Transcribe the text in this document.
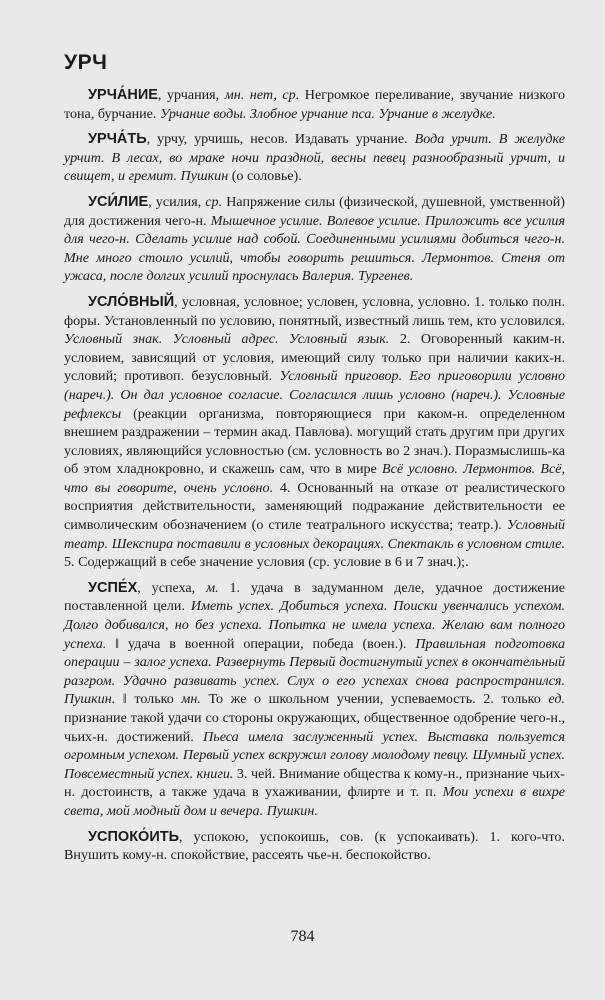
УРЧ

УРЧА́НИЕ, урчания, мн. нет, ср. Негромкое переливание, звучание низкого тона, бурчание. Урчание воды. Злобное урчание пса. Урчание в желудке.

УРЧА́ТЬ, урчу, урчишь, несов. Издавать урчание. Вода урчит. В желудке урчит. В лесах, во мраке ночи праздной, весны певец разнообразный урчит, и свищет, и гремит. Пушкин (о соловье).

УСИ́ЛИЕ, усилия, ср. Напряжение силы (физической, душевной, умственной) для достижения чего-н. Мышечное усилие. Волевое усилие. Приложить все усилия для чего-н. Сделать усилие над собой. Соединенными усилиями добиться чего-н. Мне много стоило усилий, чтобы говорить решиться. Лермонтов. Стеня от ужаса, после долгих усилий проснулась Валерия. Тургенев.

УСЛО́ВНЫЙ, условная, условное; условен, условна, условно. 1. только полн. форы. Установленный по условию, понятный, известный лишь тем, кто условился. Условный знак. Условный адрес. Условный язык. 2. Оговоренный каким-н. условием, зависящий от условия, имеющий силу только при наличии каких-н. условий; противоп. безусловный. Условный приговор. Его приговорили условно (нареч.). Он дал условное согласие. Согласился лишь условно (нареч.). Условные рефлексы (реакции организма, повторяющиеся при каком-н. определенном внешнем раздражении – термин акад. Павлова). могущий стать другим при других условиях, являющийся условностью (см. условность во 2 знач.). Поразмыслишь-ка об этом хладнокровно, и скажешь сам, что в мире Всё условно. Лермонтов. Всё, что вы говорите, очень условно. 4. Основанный на отказе от реалистического восприятия действительности, заменяющий подражание действительности ее символическим обозначением (о стиле театрального искусства; театр.). Условный театр. Шекспира поставили в условных декорациях. Спектакль в условном стиле. 5. Содержащий в себе значение условия (ср. условие в 6 и 7 знач.);.

УСПЕ́Х, успеха, м. 1. удача в задуманном деле, удачное достижение поставленной цели. Иметь успех. Добиться успеха. Поиски увенчались успехом. Долго добивался, но без успеха. Попытка не имела успеха. Желаю вам полного успеха. ‖ удача в военной операции, победа (воен.). Правильная подготовка операции – залог успеха. Развернуть Первый достигнутый успех в окончательный разгром. Удачно развивать успех. Слух о его успехах снова распространился. Пушкин. ‖ только мн. То же о школьном учении, успеваемость. 2. только ед. признание такой удачи со стороны окружающих, общественное одобрение чего-н., чьих-н. достижений. Пьеса имела заслуженный успех. Выставка пользуется огромным успехом. Первый успех вскружил голову молодому певцу. Шумный успех. Повсеместный успех. книги. 3. чей. Внимание общества к кому-н., признание чьих-н. достоинств, а также удача в ухаживании, флирте и т. п. Мои успехи в вихре света, мой модный дом и вечера. Пушкин.

УСПОКО́ИТЬ, успокою, успокоишь, сов. (к успокаивать). 1. кого-что. Внушить кому-н. спокойствие, рассеять чье-н. беспокойство.

784
